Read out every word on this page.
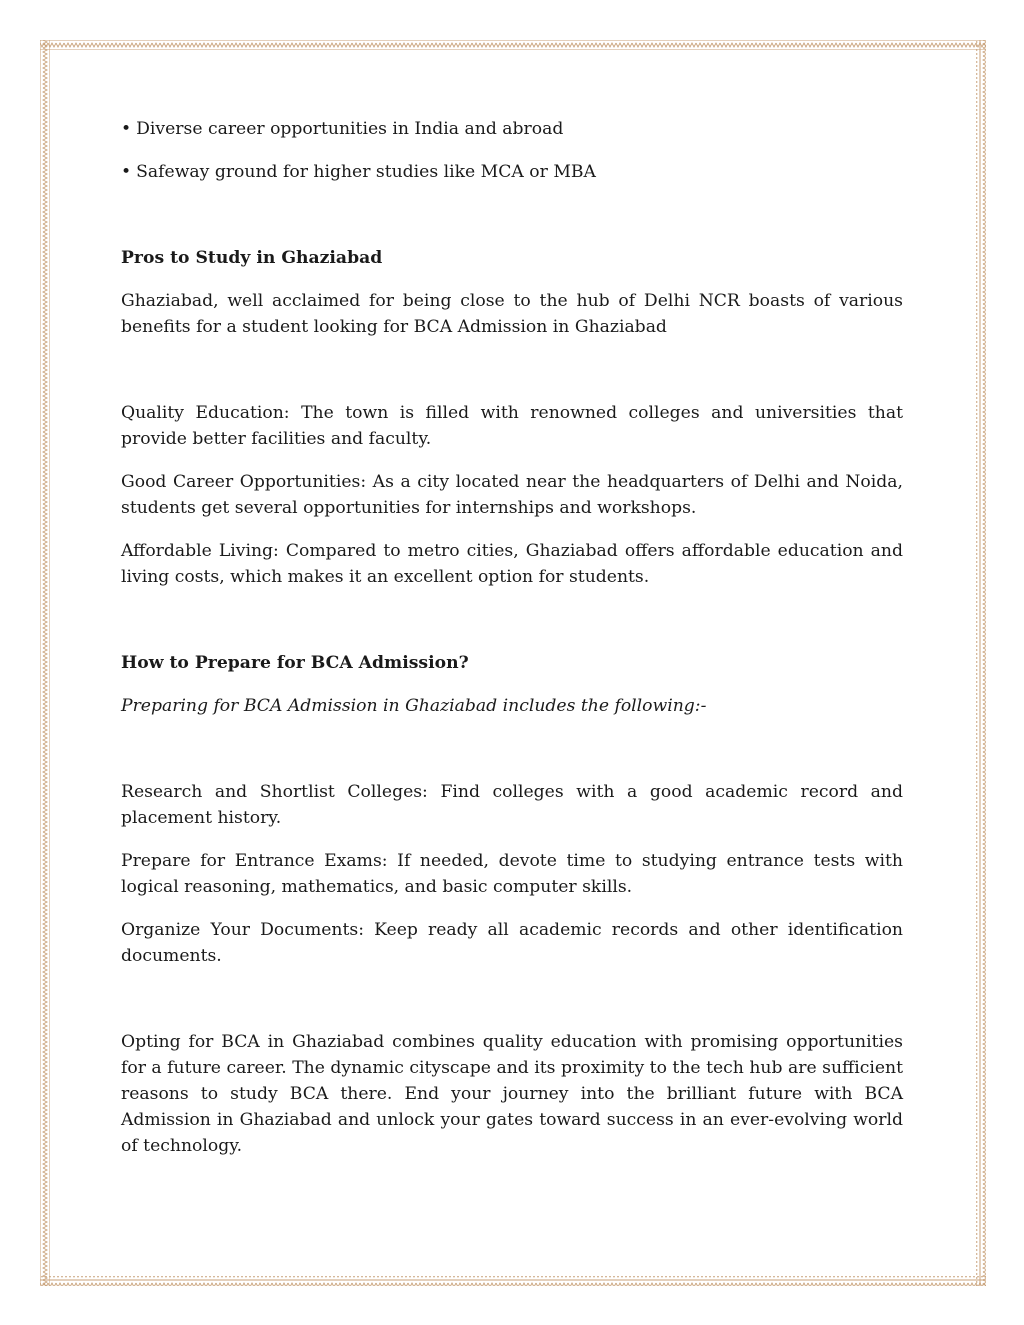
• Diverse career opportunities in India and abroad
• Safeway ground for higher studies like MCA or MBA
Pros to Study in Ghaziabad

Ghaziabad, well acclaimed for being close to the hub of Delhi NCR boasts of various benefits for a student looking for BCA Admission in Ghaziabad

Quality Education: The town is filled with renowned colleges and universities that provide better facilities and faculty.

Good Career Opportunities: As a city located near the headquarters of Delhi and Noida, students get several opportunities for internships and workshops.

Affordable Living: Compared to metro cities, Ghaziabad offers affordable education and living costs, which makes it an excellent option for students.

How to Prepare for BCA Admission?

Preparing for BCA Admission in Ghaziabad includes the following:-

Research and Shortlist Colleges: Find colleges with a good academic record and placement history.

Prepare for Entrance Exams: If needed, devote time to studying entrance tests with logical reasoning, mathematics, and basic computer skills.

Organize Your Documents: Keep ready all academic records and other identification documents.

Opting for BCA in Ghaziabad combines quality education with promising opportunities for a future career. The dynamic cityscape and its proximity to the tech hub are sufficient reasons to study BCA there. End your journey into the brilliant future with BCA Admission in Ghaziabad and unlock your gates toward success in an ever-evolving world of technology.
